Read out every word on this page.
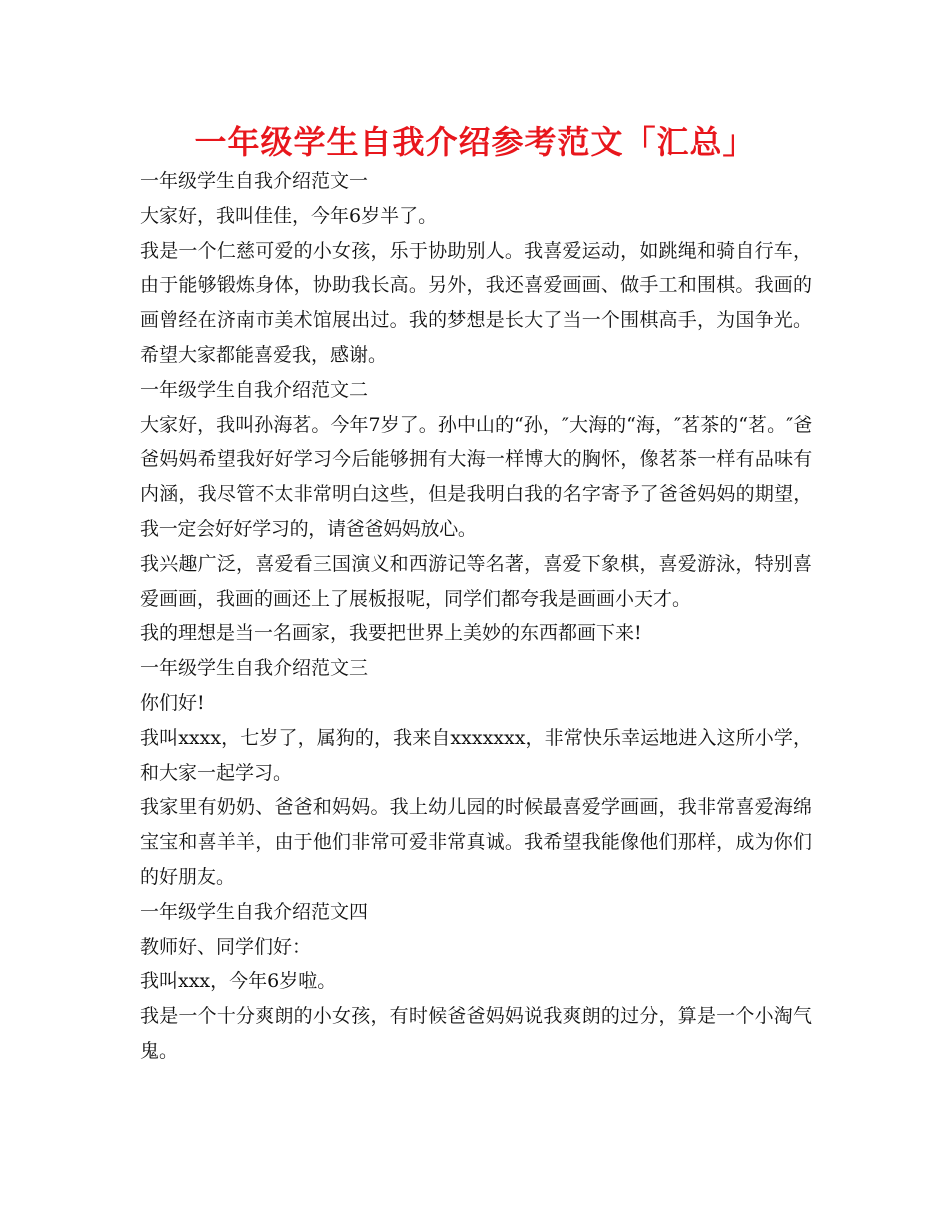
一年级学生自我介绍参考范文「汇总」

一年级学生自我介绍范文一

大家好，我叫佳佳，今年6岁半了。

我是一个仁慈可爱的小女孩，乐于协助别人。我喜爱运动，如跳绳和骑自行车，由于能够锻炼身体，协助我长高。另外，我还喜爱画画、做手工和围棋。我画的画曾经在济南市美术馆展出过。我的梦想是长大了当一个围棋高手，为国争光。希望大家都能喜爱我，感谢。

一年级学生自我介绍范文二

大家好，我叫孙海茗。今年7岁了。孙中山的“孙，″大海的“海，″茗茶的“茗。″爸爸妈妈希望我好好学习今后能够拥有大海一样博大的胸怀，像茗茶一样有品味有内涵，我尽管不太非常明白这些，但是我明白我的名字寄予了爸爸妈妈的期望，我一定会好好学习的，请爸爸妈妈放心。

我兴趣广泛，喜爱看三国演义和西游记等名著，喜爱下象棋，喜爱游泳，特别喜爱画画，我画的画还上了展板报呢，同学们都夸我是画画小天才。

我的理想是当一名画家，我要把世界上美妙的东西都画下来!

一年级学生自我介绍范文三

你们好!

我叫xxxx，七岁了，属狗的，我来自xxxxxxx，非常快乐幸运地进入这所小学，和大家一起学习。

我家里有奶奶、爸爸和妈妈。我上幼儿园的时候最喜爱学画画，我非常喜爱海绵宝宝和喜羊羊，由于他们非常可爱非常真诚。我希望我能像他们那样，成为你们的好朋友。

一年级学生自我介绍范文四

教师好、同学们好：

我叫xxx，今年6岁啦。

我是一个十分爽朗的小女孩，有时候爸爸妈妈说我爽朗的过分，算是一个小淘气鬼。
